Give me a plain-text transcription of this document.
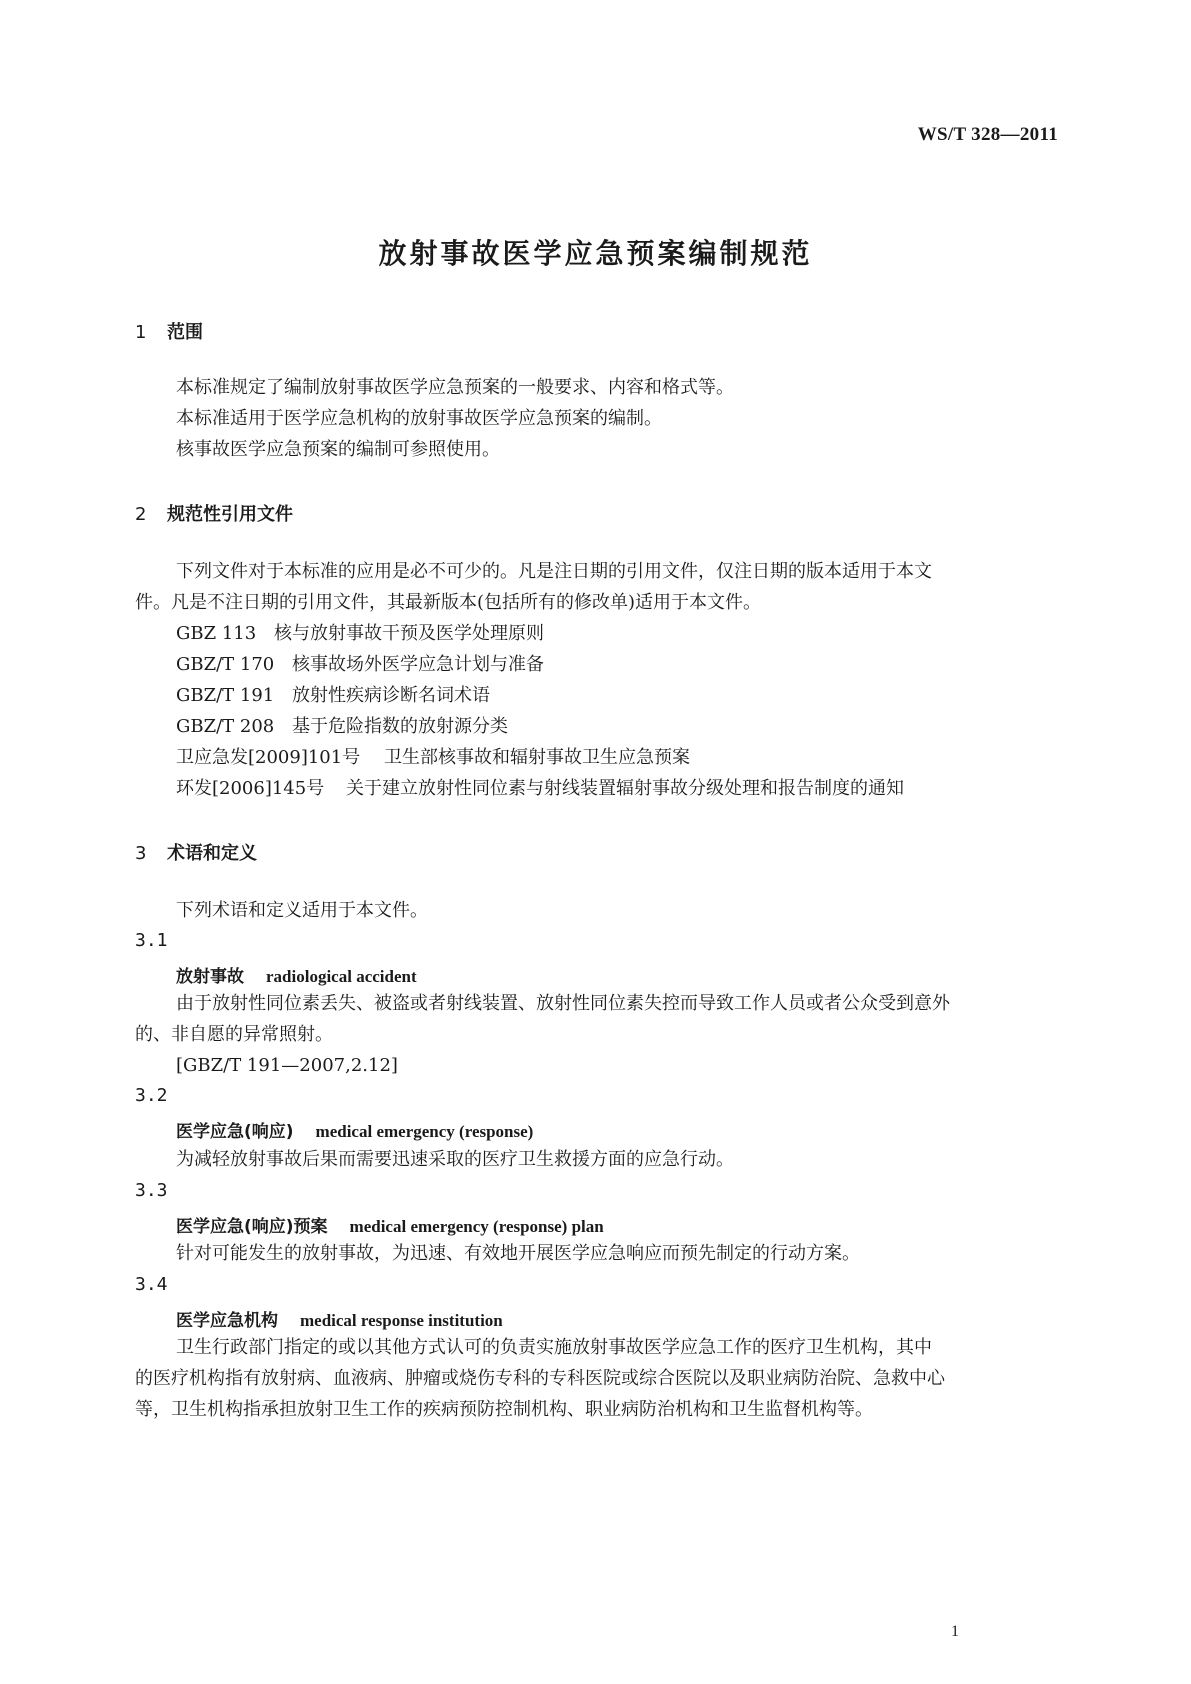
WS/T 328—2011
放射事故医学应急预案编制规范
1 范围
本标准规定了编制放射事故医学应急预案的一般要求、内容和格式等。
本标准适用于医学应急机构的放射事故医学应急预案的编制。
核事故医学应急预案的编制可参照使用。
2 规范性引用文件
下列文件对于本标准的应用是必不可少的。凡是注日期的引用文件，仅注日期的版本适用于本文
件。凡是不注日期的引用文件，其最新版本(包括所有的修改单)适用于本文件。
GBZ 113 核与放射事故干预及医学处理原则
GBZ/T 170 核事故场外医学应急计划与准备
GBZ/T 191 放射性疾病诊断名词术语
GBZ/T 208 基于危险指数的放射源分类
卫应急发[2009]101号 卫生部核事故和辐射事故卫生应急预案
环发[2006]145号 关于建立放射性同位素与射线装置辐射事故分级处理和报告制度的通知
3 术语和定义
下列术语和定义适用于本文件。
3.1
放射事故 radiological accident
由于放射性同位素丢失、被盗或者射线装置、放射性同位素失控而导致工作人员或者公众受到意外
的、非自愿的异常照射。
[GBZ/T 191—2007,2.12]
3.2
医学应急(响应) medical emergency (response)
为减轻放射事故后果而需要迅速采取的医疗卫生救援方面的应急行动。
3.3
医学应急(响应)预案 medical emergency (response) plan
针对可能发生的放射事故，为迅速、有效地开展医学应急响应而预先制定的行动方案。
3.4
医学应急机构 medical response institution
卫生行政部门指定的或以其他方式认可的负责实施放射事故医学应急工作的医疗卫生机构，其中
的医疗机构指有放射病、血液病、肿瘤或烧伤专科的专科医院或综合医院以及职业病防治院、急救中心
等，卫生机构指承担放射卫生工作的疾病预防控制机构、职业病防治机构和卫生监督机构等。
1
